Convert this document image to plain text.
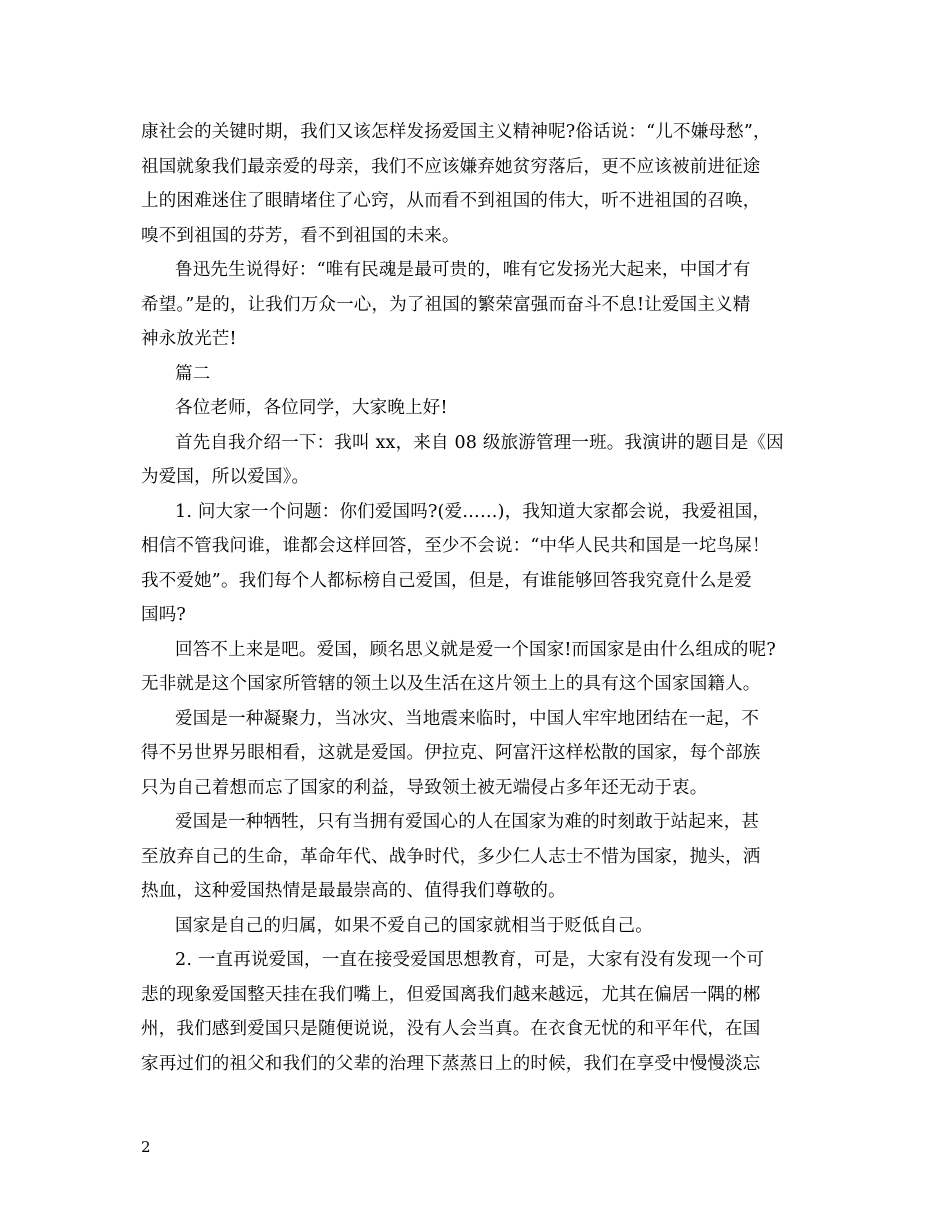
康社会的关键时期，我们又该怎样发扬爱国主义精神呢?俗话说：“儿不嫌母愁”，
祖国就象我们最亲爱的母亲，我们不应该嫌弃她贫穷落后，更不应该被前进征途
上的困难迷住了眼睛堵住了心窍，从而看不到祖国的伟大，听不进祖国的召唤，
嗅不到祖国的芬芳，看不到祖国的未来。
鲁迅先生说得好：“唯有民魂是最可贵的，唯有它发扬光大起来，中国才有
希望。”是的，让我们万众一心，为了祖国的繁荣富强而奋斗不息!让爱国主义精
神永放光芒!
篇二
各位老师，各位同学，大家晚上好!
首先自我介绍一下：我叫 xx，来自 08 级旅游管理一班。我演讲的题目是《因
为爱国，所以爱国》。
1. 问大家一个问题：你们爱国吗?(爱……)，我知道大家都会说，我爱祖国，
相信不管我问谁，谁都会这样回答，至少不会说：“中华人民共和国是一坨鸟屎！
我不爱她”。我们每个人都标榜自己爱国，但是，有谁能够回答我究竟什么是爱
国吗?
回答不上来是吧。爱国，顾名思义就是爱一个国家!而国家是由什么组成的呢?
无非就是这个国家所管辖的领土以及生活在这片领土上的具有这个国家国籍人。
爱国是一种凝聚力，当冰灾、当地震来临时，中国人牢牢地团结在一起，不
得不另世界另眼相看，这就是爱国。伊拉克、阿富汗这样松散的国家，每个部族
只为自己着想而忘了国家的利益，导致领土被无端侵占多年还无动于衷。
爱国是一种牺牲，只有当拥有爱国心的人在国家为难的时刻敢于站起来，甚
至放弃自己的生命，革命年代、战争时代，多少仁人志士不惜为国家，抛头，洒
热血，这种爱国热情是最最崇高的、值得我们尊敬的。
国家是自己的归属，如果不爱自己的国家就相当于贬低自己。
2. 一直再说爱国，一直在接受爱国思想教育，可是，大家有没有发现一个可
悲的现象爱国整天挂在我们嘴上，但爱国离我们越来越远，尤其在偏居一隅的郴
州，我们感到爱国只是随便说说，没有人会当真。在衣食无忧的和平年代，在国
家再过们的祖父和我们的父辈的治理下蒸蒸日上的时候，我们在享受中慢慢淡忘
2
